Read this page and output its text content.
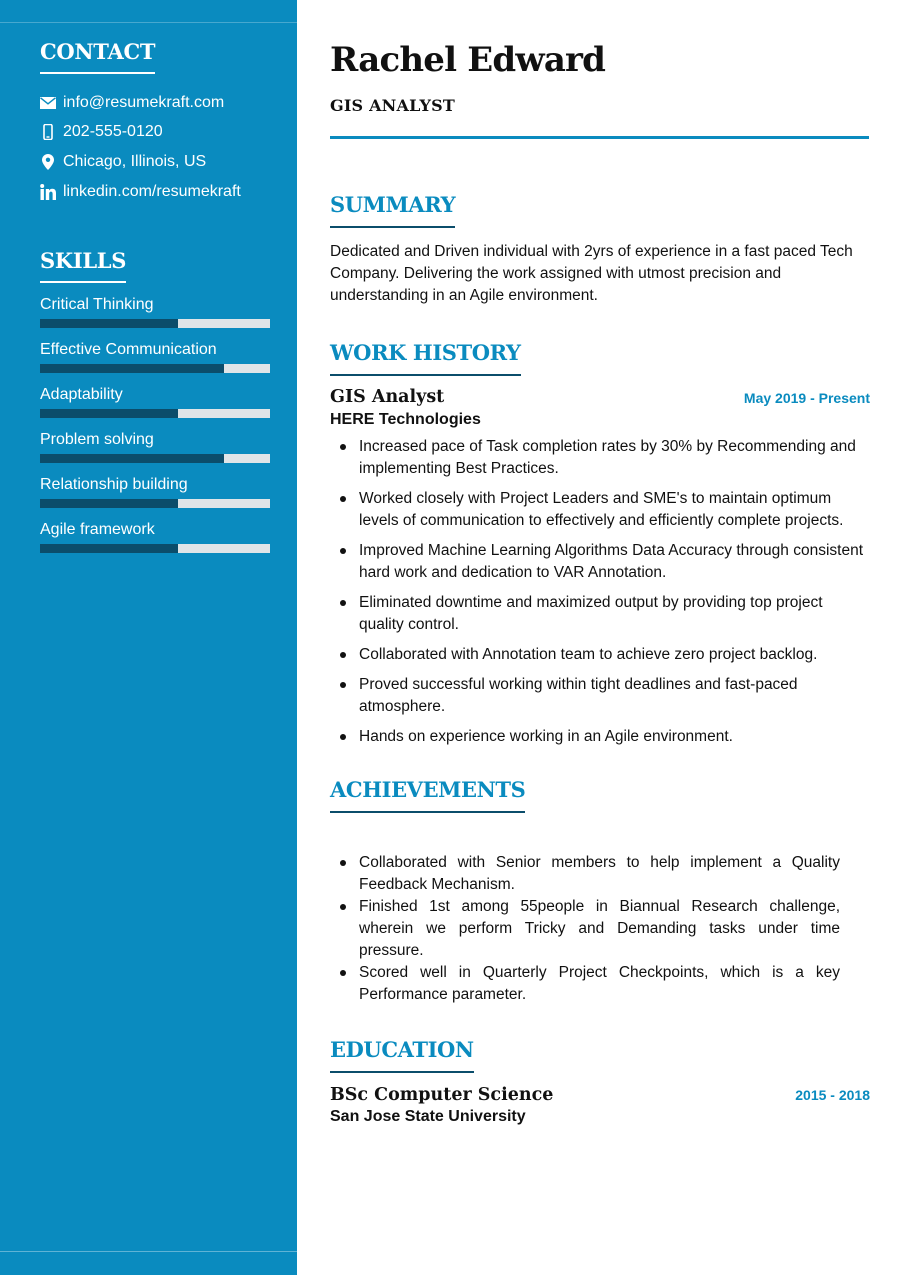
CONTACT
info@resumekraft.com
202-555-0120
Chicago, Illinois, US
linkedin.com/resumekraft
SKILLS
Critical Thinking
Effective Communication
Adaptability
Problem solving
Relationship building
Agile framework
Rachel Edward
GIS ANALYST
SUMMARY
Dedicated and Driven individual with 2yrs of experience in a fast paced Tech Company. Delivering the work assigned with utmost precision and understanding in an Agile environment.
WORK HISTORY
GIS Analyst	May 2019 - Present
HERE Technologies
Increased pace of Task completion rates by 30% by Recommending and implementing Best Practices.
Worked closely with Project Leaders and SME's to maintain optimum levels of communication to effectively and efficiently complete projects.
Improved Machine Learning Algorithms Data Accuracy through consistent hard work and dedication to VAR Annotation.
Eliminated downtime and maximized output by providing top project quality control.
Collaborated with Annotation team to achieve zero project backlog.
Proved successful working within tight deadlines and fast-paced atmosphere.
Hands on experience working in an Agile environment.
ACHIEVEMENTS
Collaborated with Senior members to help implement a Quality Feedback Mechanism.
Finished 1st among 55people in Biannual Research challenge, wherein we perform Tricky and Demanding tasks under time pressure.
Scored well in Quarterly Project Checkpoints, which is a key Performance parameter.
EDUCATION
BSc Computer Science	2015 - 2018
San Jose State University
